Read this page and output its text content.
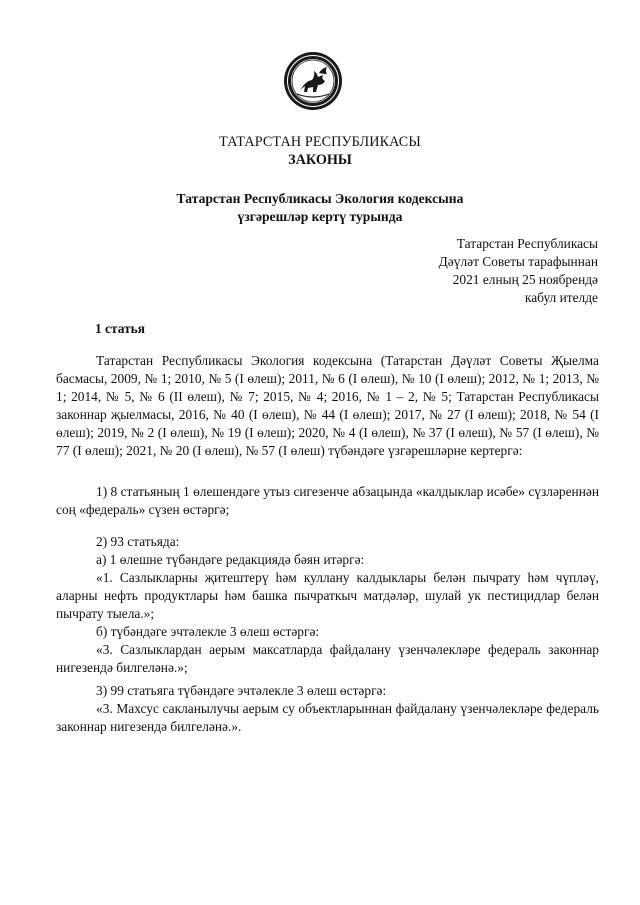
ТАТАРСТАН РЕСПУБЛИКАСЫ
ЗАКОНЫ
Татарстан Республикасы Экология кодексына
үзгәрешләр кертү турында
Татарстан Республикасы
Дәүләт Советы тарафыннан
2021 елның 25 ноябрендә
кабул ителде
1 статья

Татарстан Республикасы Экология кодексына (Татарстан Дәүләт Советы Җыелма басмасы, 2009, № 1; 2010, № 5 (I өлеш); 2011, № 6 (I өлеш), № 10 (I өлеш); 2012, № 1; 2013, № 1; 2014, № 5, № 6 (II өлеш), № 7; 2015, № 4; 2016, № 1 – 2, № 5; Татарстан Республикасы законнар җыелмасы, 2016, № 40 (I өлеш), № 44 (I өлеш); 2017, № 27 (I өлеш); 2018, № 54 (I өлеш); 2019, № 2 (I өлеш), № 19 (I өлеш); 2020, № 4 (I өлеш), № 37 (I өлеш), № 57 (I өлеш), № 77 (I өлеш); 2021, № 20 (I өлеш), № 57 (I өлеш) түбәндәге үзгәрешләрне кертергә:

1) 8 статьяның 1 өлешендәге утыз сигезенче абзацында «калдыклар исәбе» сүзләреннән соң «федераль» сүзен өстәргә;

2) 93 статьяда:

а) 1 өлешне түбәндәге редакциядә бәян итәргә:

«1. Сазлыкларны җитештерү һәм куллану калдыклары белән пычрату һәм чүпләү, аларны нефть продуктлары һәм башка пычраткыч матдәләр, шулай ук пестицидлар белән пычрату тыела.»;

б) түбәндәге эчтәлекле 3 өлеш өстәргә:

«3. Сазлыклардан аерым максатларда файдалану үзенчәлекләре федераль законнар нигезендә билгеләнә.»;

3) 99 статьяга түбәндәге эчтәлекле 3 өлеш өстәргә:

«3. Махсус сакланылучы аерым су объектларыннан файдалану үзенчәлекләре федераль законнар нигезендә билгеләнә.».
